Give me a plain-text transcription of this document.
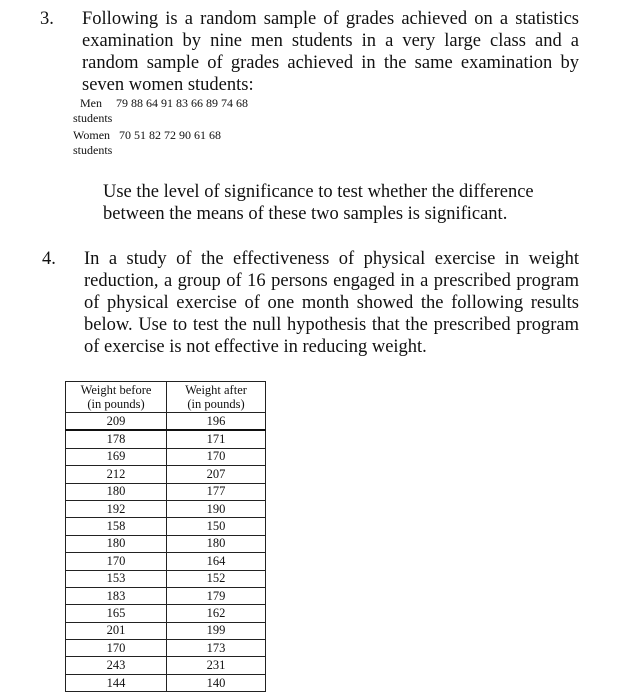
3. Following is a random sample of grades achieved on a statistics examination by nine men students in a very large class and a random sample of grades achieved in the same examination by seven women students:
Men 79 88 64 91 83 66 89 74 68
students
Women 70 51 82 72 90 61 68
students
Use the level of significance to test whether the difference between the means of these two samples is significant.
4. In a study of the effectiveness of physical exercise in weight reduction, a group of 16 persons engaged in a prescribed program of physical exercise of one month showed the following results below. Use to test the null hypothesis that the prescribed program of exercise is not effective in reducing weight.
Weight before
(in pounds)	Weight after
(in pounds)
209	196
178	171
169	170
212	207
180	177
192	190
158	150
180	180
170	164
153	152
183	179
165	162
201	199
170	173
243	231
144	140
